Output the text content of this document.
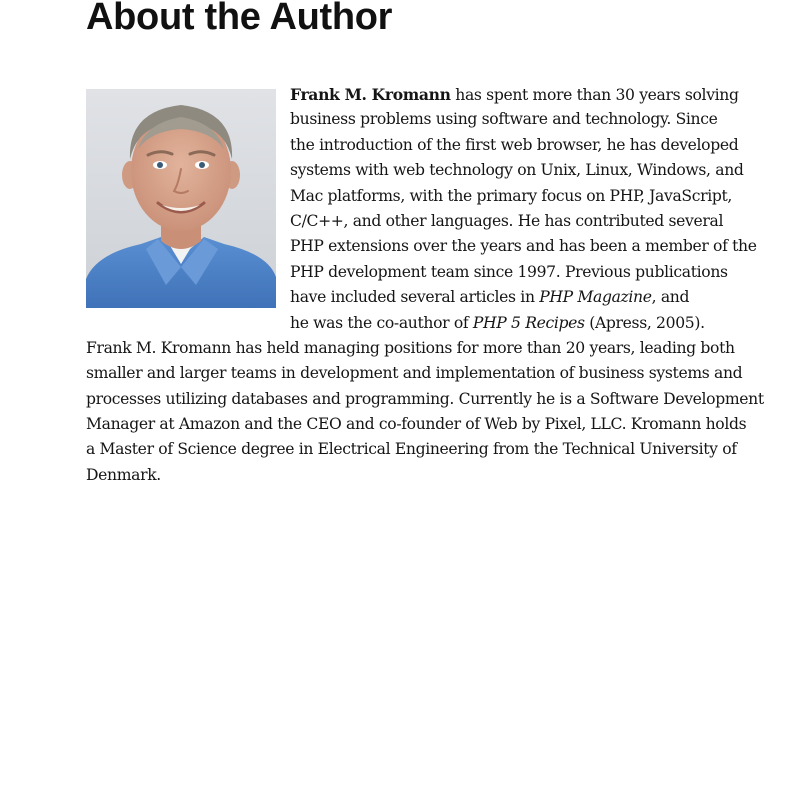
About the Author
Frank M. Kromann has spent more than 30 years solving
business problems using software and technology. Since
the introduction of the first web browser, he has developed
systems with web technology on Unix, Linux, Windows, and
Mac platforms, with the primary focus on PHP, JavaScript,
C/C++, and other languages. He has contributed several
PHP extensions over the years and has been a member of the
PHP development team since 1997. Previous publications
have included several articles in PHP Magazine, and
he was the co-author of PHP 5 Recipes (Apress, 2005).
Frank M. Kromann has held managing positions for more than 20 years, leading both
smaller and larger teams in development and implementation of business systems and
processes utilizing databases and programming. Currently he is a Software Development
Manager at Amazon and the CEO and co-founder of Web by Pixel, LLC. Kromann holds
a Master of Science degree in Electrical Engineering from the Technical University of
Denmark.
